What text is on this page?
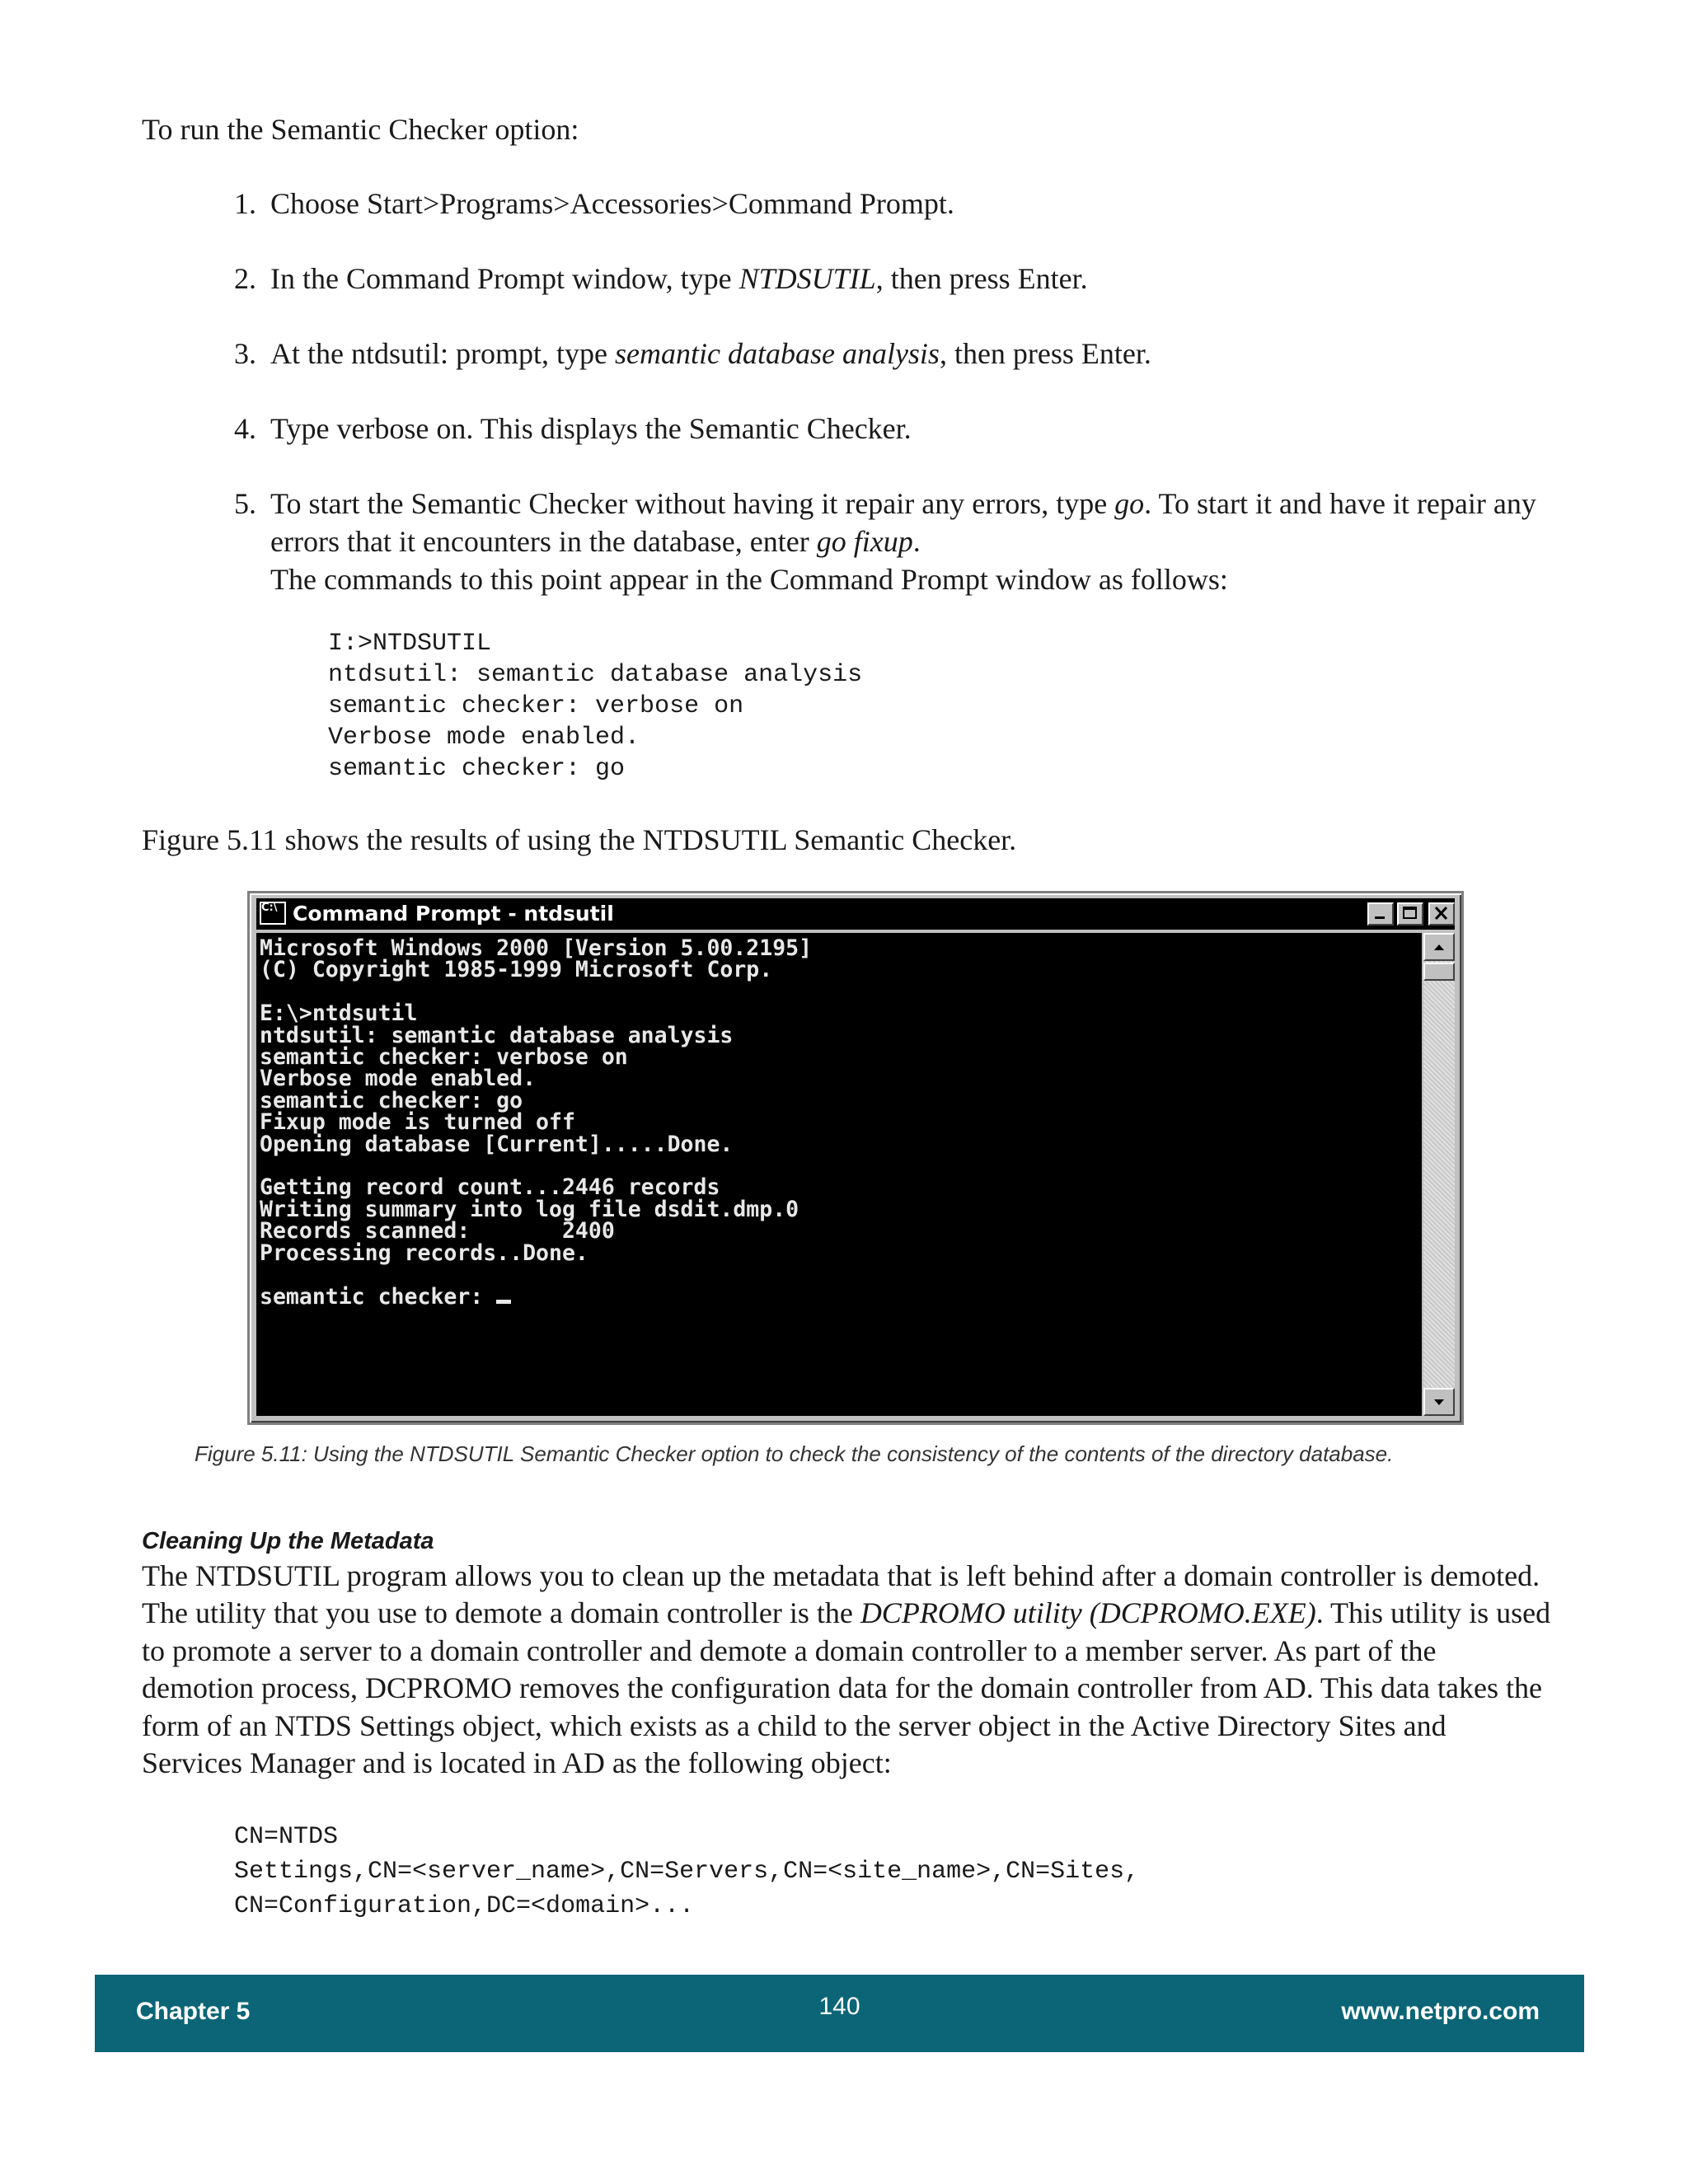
To run the Semantic Checker option:

1. Choose Start>Programs>Accessories>Command Prompt.
2. In the Command Prompt window, type NTDSUTIL, then press Enter.
3. At the ntdsutil: prompt, type semantic database analysis, then press Enter.
4. Type verbose on. This displays the Semantic Checker.
5. To start the Semantic Checker without having it repair any errors, type go. To start it and have it repair any errors that it encounters in the database, enter go fixup.
The commands to this point appear in the Command Prompt window as follows:
I:>NTDSUTIL
ntdsutil: semantic database analysis
semantic checker: verbose on
Verbose mode enabled.
semantic checker: go

Figure 5.11 shows the results of using the NTDSUTIL Semantic Checker.

C:\ Command Prompt - ntdsutil
Microsoft Windows 2000 [Version 5.00.2195]
(C) Copyright 1985-1999 Microsoft Corp.

E:\>ntdsutil
ntdsutil: semantic database analysis
semantic checker: verbose on
Verbose mode enabled.
semantic checker: go
Fixup mode is turned off
Opening database [Current].....Done.

Getting record count...2446 records
Writing summary into log file dsdit.dmp.0
Records scanned:       2400
Processing records..Done.

semantic checker:

Figure 5.11: Using the NTDSUTIL Semantic Checker option to check the consistency of the contents of the directory database.

Cleaning Up the Metadata

The NTDSUTIL program allows you to clean up the metadata that is left behind after a domain controller is demoted. The utility that you use to demote a domain controller is the DCPROMO utility (DCPROMO.EXE). This utility is used to promote a server to a domain controller and demote a domain controller to a member server. As part of the demotion process, DCPROMO removes the configuration data for the domain controller from AD. This data takes the form of an NTDS Settings object, which exists as a child to the server object in the Active Directory Sites and Services Manager and is located in AD as the following object:

CN=NTDS
Settings,CN=<server_name>,CN=Servers,CN=<site_name>,CN=Sites,
CN=Configuration,DC=<domain>...
Chapter 5	140	www.netpro.com
